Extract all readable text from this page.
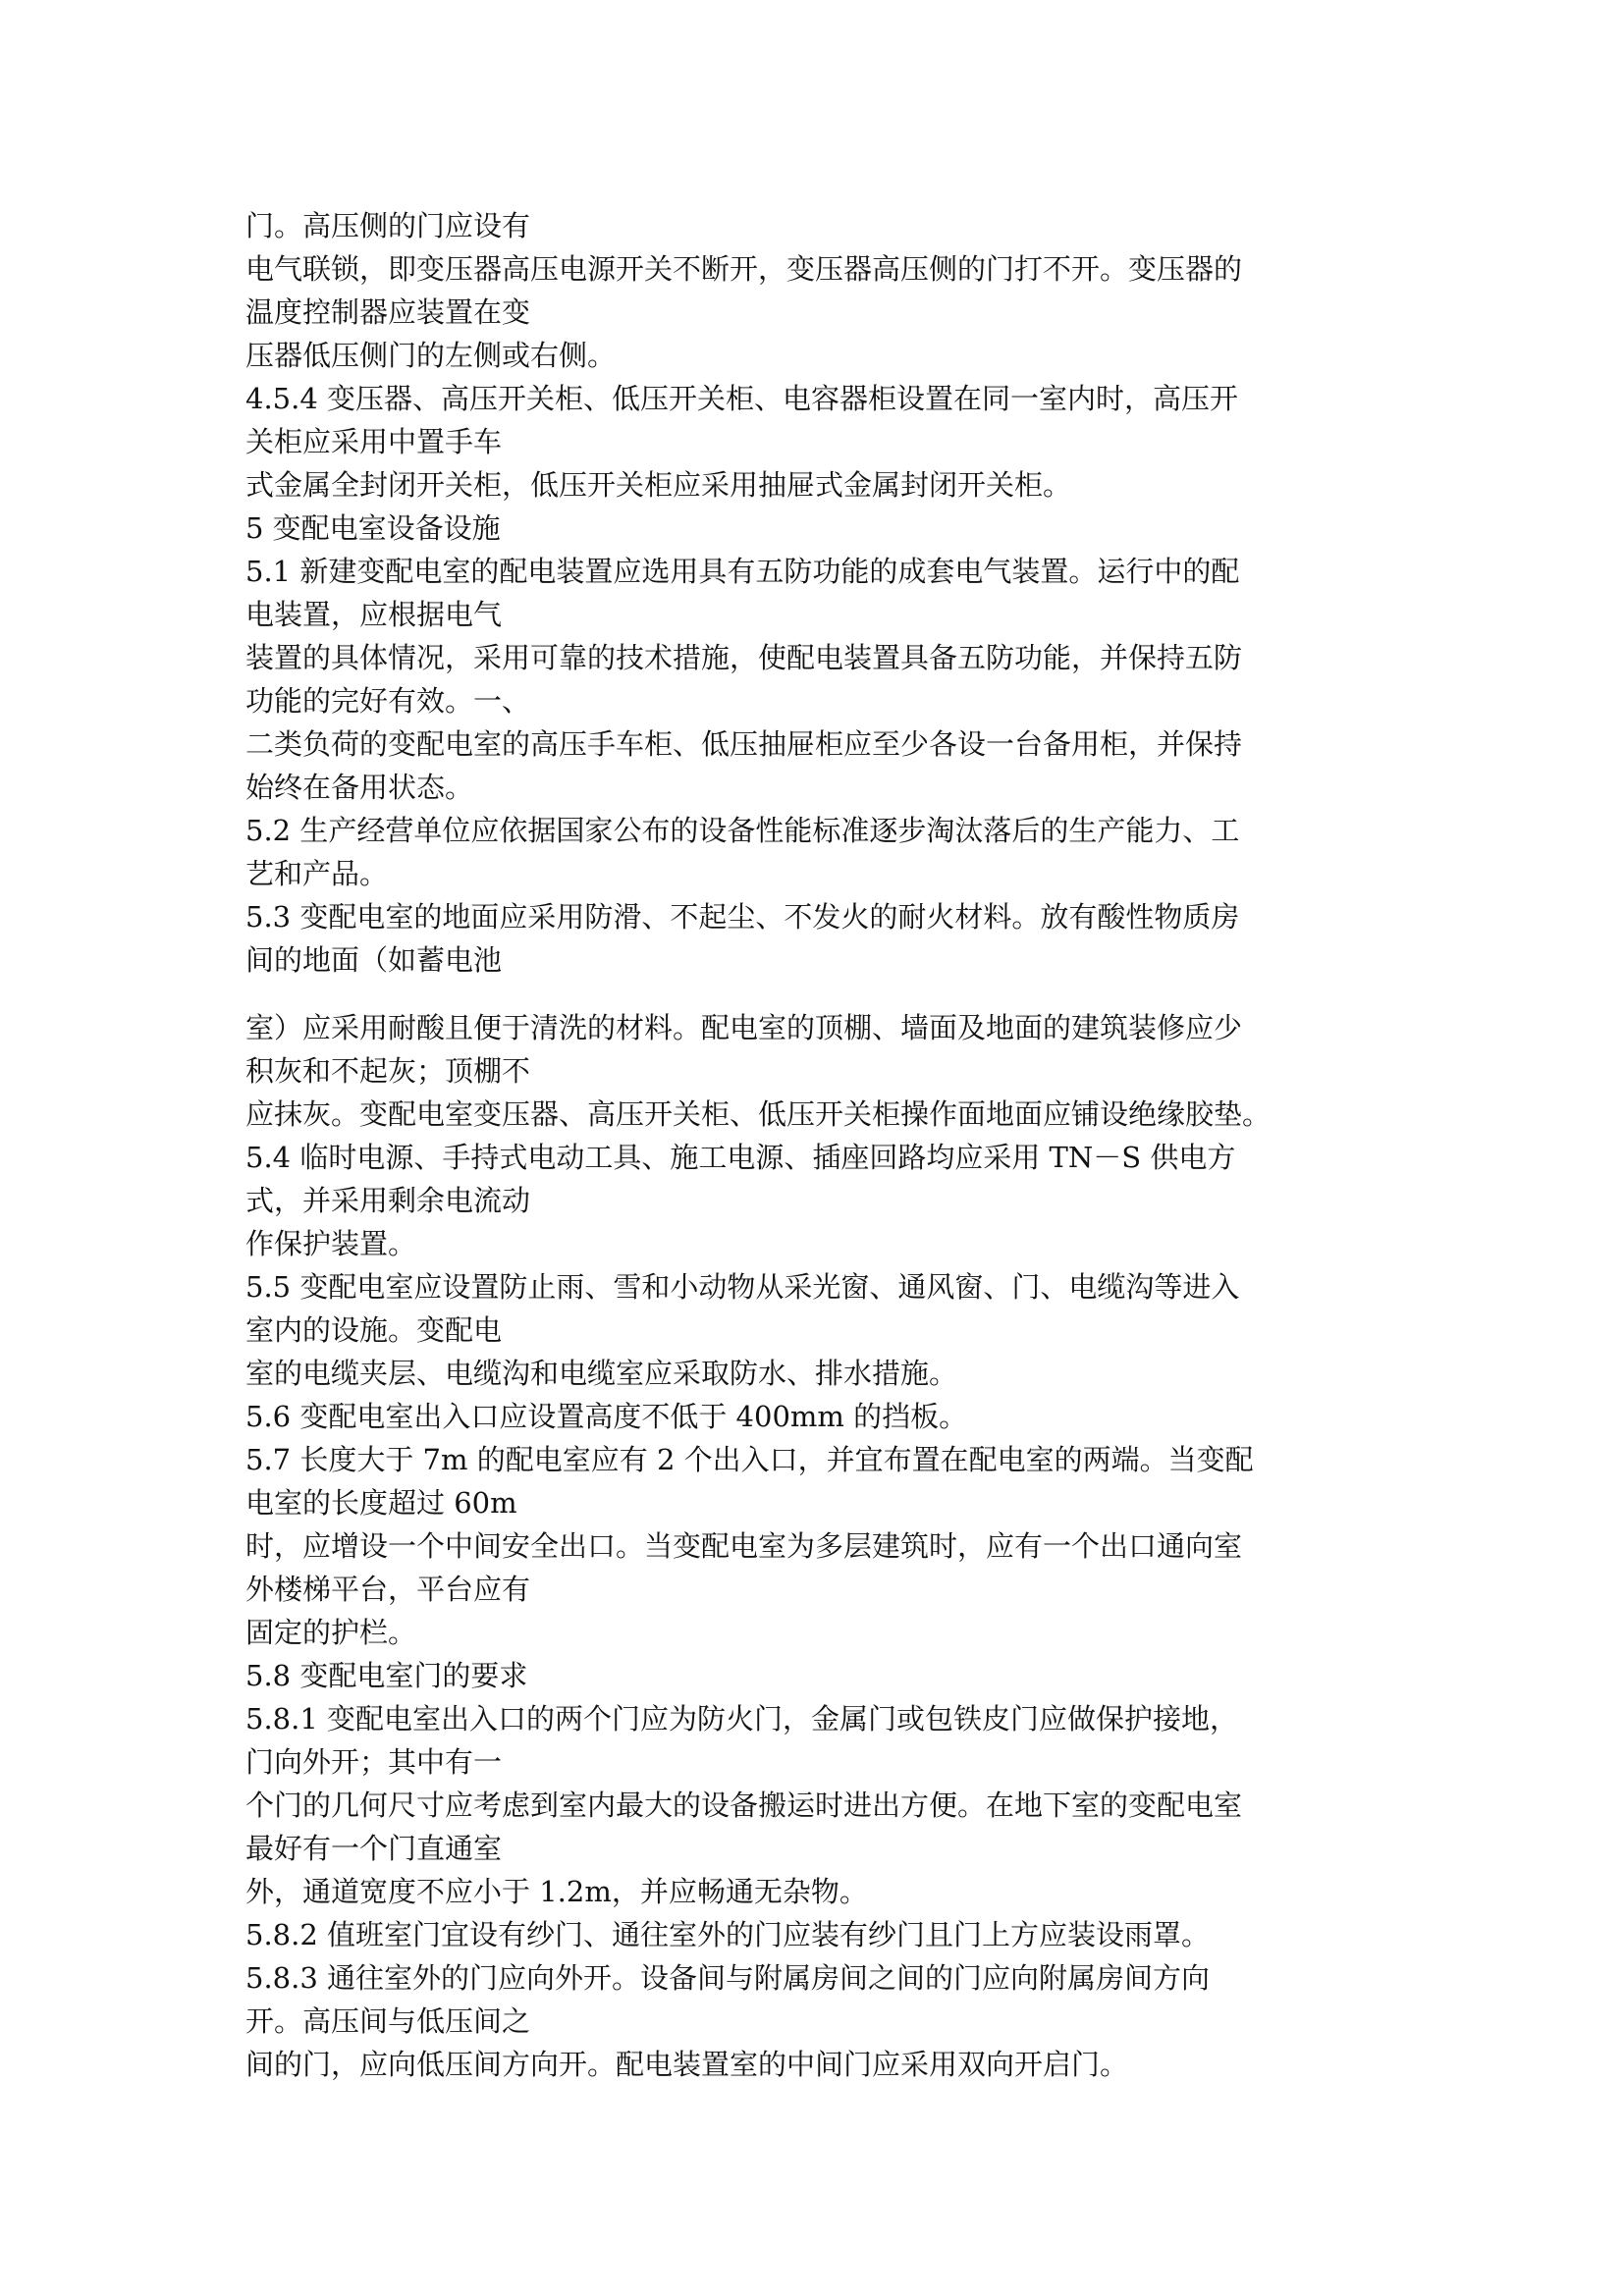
门。高压侧的门应设有
电气联锁，即变压器高压电源开关不断开，变压器高压侧的门打不开。变压器的
温度控制器应装置在变
压器低压侧门的左侧或右侧。
4.5.4 变压器、高压开关柜、低压开关柜、电容器柜设置在同一室内时，高压开
关柜应采用中置手车
式金属全封闭开关柜，低压开关柜应采用抽屉式金属封闭开关柜。
5 变配电室设备设施
5.1 新建变配电室的配电装置应选用具有五防功能的成套电气装置。运行中的配
电装置，应根据电气
装置的具体情况，采用可靠的技术措施，使配电装置具备五防功能，并保持五防
功能的完好有效。一、
二类负荷的变配电室的高压手车柜、低压抽屉柜应至少各设一台备用柜，并保持
始终在备用状态。
5.2 生产经营单位应依据国家公布的设备性能标准逐步淘汰落后的生产能力、工
艺和产品。
5.3 变配电室的地面应采用防滑、不起尘、不发火的耐火材料。放有酸性物质房
间的地面（如蓄电池
室）应采用耐酸且便于清洗的材料。配电室的顶棚、墙面及地面的建筑装修应少
积灰和不起灰；顶棚不
应抹灰。变配电室变压器、高压开关柜、低压开关柜操作面地面应铺设绝缘胶垫。
5.4 临时电源、手持式电动工具、施工电源、插座回路均应采用 TN－S 供电方
式，并采用剩余电流动
作保护装置。
5.5 变配电室应设置防止雨、雪和小动物从采光窗、通风窗、门、电缆沟等进入
室内的设施。变配电
室的电缆夹层、电缆沟和电缆室应采取防水、排水措施。
5.6 变配电室出入口应设置高度不低于 400mm 的挡板。
5.7 长度大于 7m 的配电室应有 2 个出入口，并宜布置在配电室的两端。当变配
电室的长度超过 60m
时，应增设一个中间安全出口。当变配电室为多层建筑时，应有一个出口通向室
外楼梯平台，平台应有
固定的护栏。
5.8 变配电室门的要求
5.8.1 变配电室出入口的两个门应为防火门，金属门或包铁皮门应做保护接地，
门向外开；其中有一
个门的几何尺寸应考虑到室内最大的设备搬运时进出方便。在地下室的变配电室
最好有一个门直通室
外，通道宽度不应小于 1.2m，并应畅通无杂物。
5.8.2 值班室门宜设有纱门、通往室外的门应装有纱门且门上方应装设雨罩。
5.8.3 通往室外的门应向外开。设备间与附属房间之间的门应向附属房间方向
开。高压间与低压间之
间的门，应向低压间方向开。配电装置室的中间门应采用双向开启门。
